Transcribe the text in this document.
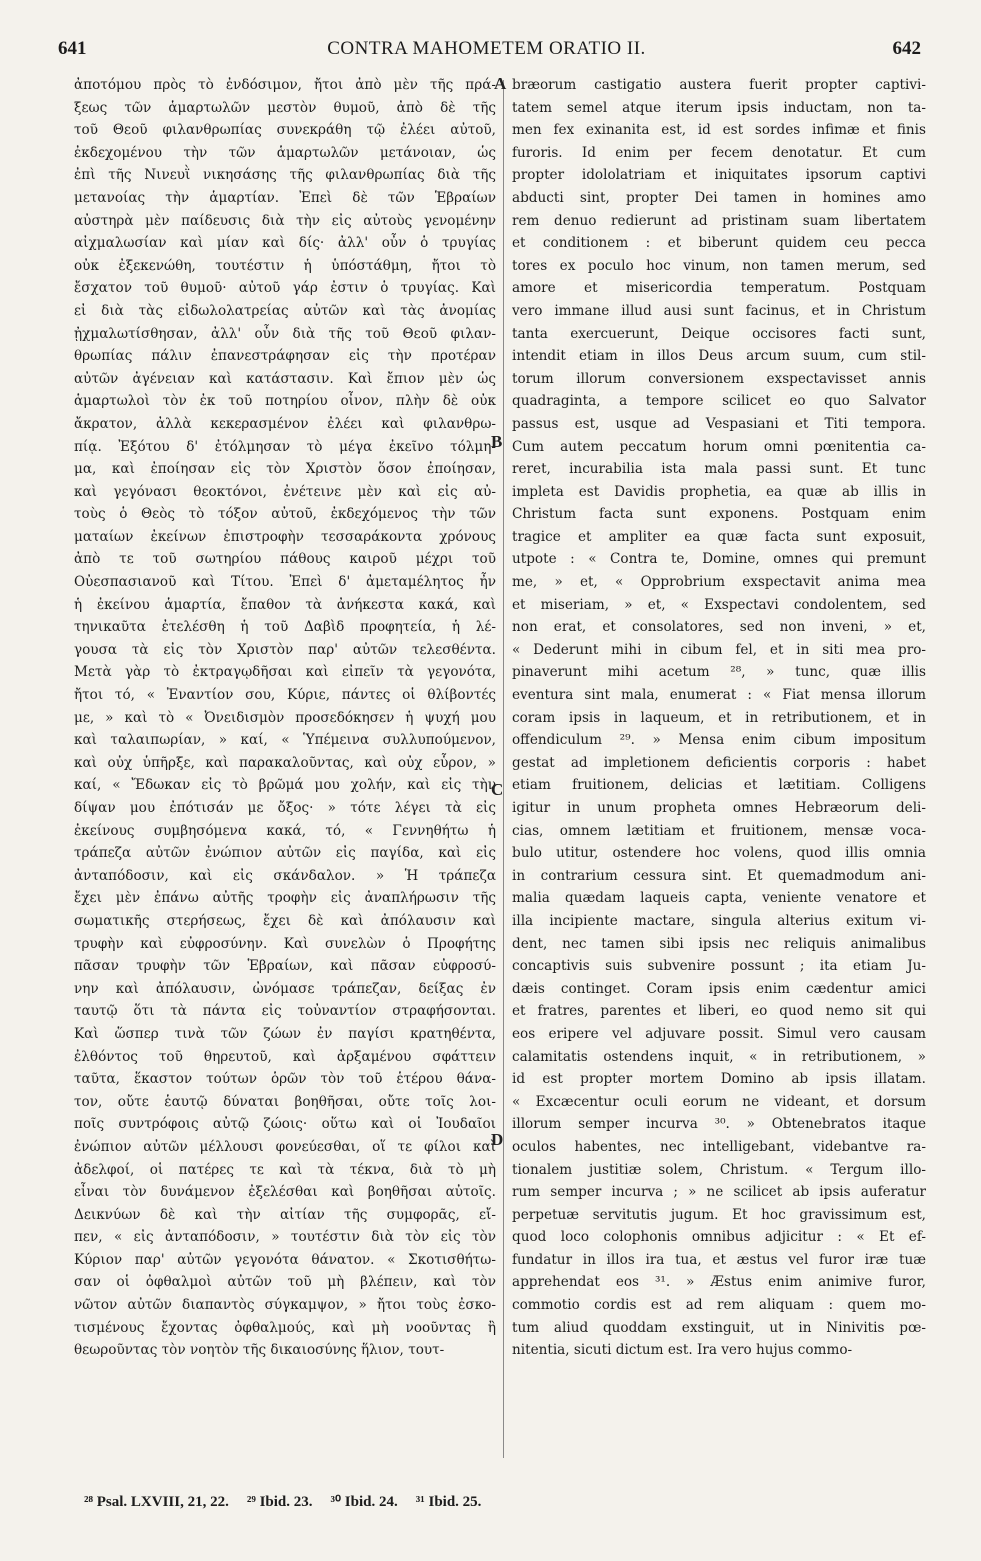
641	CONTRA MAHOMETEM ORATIO II.	642
ἀποτόμου πρὸς τὸ ἐνδόσιμον, ἤτοι ἀπὸ μὲν τῆς πρά-
ξεως τῶν ἁμαρτωλῶν μεστὸν θυμοῦ, ἀπὸ δὲ τῆς
τοῦ Θεοῦ φιλανθρωπίας συνεκράθη τῷ ἐλέει αὐτοῦ,
ἐκδεχομένου τὴν τῶν ἁμαρτωλῶν μετάνοιαν, ὡς
ἐπὶ τῆς Νινευῒ νικησάσης τῆς φιλανθρωπίας διὰ τῆς
μετανοίας τὴν ἁμαρτίαν. Ἐπεὶ δὲ τῶν Ἑβραίων
αὐστηρὰ μὲν παίδευσις διὰ τὴν εἰς αὐτοὺς γενομένην
αἰχμαλωσίαν καὶ μίαν καὶ δίς· ἀλλ' οὖν ὁ τρυγίας
οὐκ ἐξεκενώθη, τουτέστιν ἡ ὑπόστάθμη, ἤτοι τὸ
ἔσχατον τοῦ θυμοῦ· αὐτοῦ γάρ ἐστιν ὁ τρυγίας. Καὶ
εἰ διὰ τὰς εἰδωλολατρείας αὐτῶν καὶ τὰς ἀνομίας
ᾐχμαλωτίσθησαν, ἀλλ' οὖν διὰ τῆς τοῦ Θεοῦ φιλαν-
θρωπίας πάλιν ἐπανεστράφησαν εἰς τὴν προτέραν
αὐτῶν ἀγένειαν καὶ κατάστασιν. Καὶ ἔπιον μὲν ὡς
ἁμαρτωλοὶ τὸν ἐκ τοῦ ποτηρίου οἶνον, πλὴν δὲ οὐκ
ἄκρατον, ἀλλὰ κεκερασμένον ἐλέει καὶ φιλανθρω-
πίᾳ. Ἐξότου δ' ἐτόλμησαν τὸ μέγα ἐκεῖνο τόλμη-
μα, καὶ ἐποίησαν εἰς τὸν Χριστὸν ὅσον ἐποίησαν,
καὶ γεγόνασι θεοκτόνοι, ἐνέτεινε μὲν καὶ εἰς αὐ-
τοὺς ὁ Θεὸς τὸ τόξον αὐτοῦ, ἐκδεχόμενος τὴν τῶν
ματαίων ἐκείνων ἐπιστροφὴν τεσσαράκοντα χρόνους
ἀπὸ τε τοῦ σωτηρίου πάθους καιροῦ μέχρι τοῦ
Οὐεσπασιανοῦ καὶ Τίτου. Ἐπεὶ δ' ἀμεταμέλητος ἦν
ἡ ἐκείνου ἁμαρτία, ἔπαθον τὰ ἀνήκεστα κακά, καὶ
τηνικαῦτα ἐτελέσθη ἡ τοῦ Δαβὶδ προφητεία, ἡ λέ-
γουσα τὰ εἰς τὸν Χριστὸν παρ' αὐτῶν τελεσθέντα.
Μετὰ γὰρ τὸ ἐκτραγῳδῆσαι καὶ εἰπεῖν τὰ γεγονότα,
ἤτοι τό, « Ἐναντίον σου, Κύριε, πάντες οἱ θλίβοντές
με, » καὶ τὸ « Ὀνειδισμὸν προσεδόκησεν ἡ ψυχή μου
καὶ ταλαιπωρίαν, » καί, « Ὑπέμεινα συλλυπούμενον,
καὶ οὐχ ὑπῆρξε, καὶ παρακαλοῦντας, καὶ οὐχ εὗρον, »
καί, « Ἔδωκαν εἰς τὸ βρῶμά μου χολήν, καὶ εἰς τὴν
δίψαν μου ἐπότισάν με ὄξος· » τότε λέγει τὰ εἰς
ἐκείνους συμβησόμενα κακά, τό, « Γεννηθήτω ἡ
τράπεζα αὐτῶν ἐνώπιον αὐτῶν εἰς παγίδα, καὶ εἰς
ἀνταπόδοσιν, καὶ εἰς σκάνδαλον. » Ἡ τράπεζα
ἔχει μὲν ἐπάνω αὐτῆς τροφὴν εἰς ἀναπλήρωσιν τῆς
σωματικῆς στερήσεως, ἔχει δὲ καὶ ἀπόλαυσιν καὶ
τρυφὴν καὶ εὐφροσύνην. Καὶ συνελὼν ὁ Προφήτης
πᾶσαν τρυφὴν τῶν Ἑβραίων, καὶ πᾶσαν εὐφροσύ-
νην καὶ ἀπόλαυσιν, ὠνόμασε τράπεζαν, δείξας ἐν
ταυτῷ ὅτι τὰ πάντα εἰς τοὐναντίον στραφήσονται.
Καὶ ὥσπερ τινὰ τῶν ζώων ἐν παγίσι κρατηθέντα,
ἐλθόντος τοῦ θηρευτοῦ, καὶ ἀρξαμένου σφάττειν
ταῦτα, ἕκαστον τούτων ὁρῶν τὸν τοῦ ἑτέρου θάνα-
τον, οὔτε ἑαυτῷ δύναται βοηθῆσαι, οὔτε τοῖς λοι-
ποῖς συντρόφοις αὐτῷ ζώοις· οὕτω καὶ οἱ Ἰουδαῖοι
ἐνώπιον αὐτῶν μέλλουσι φονεύεσθαι, οἵ τε φίλοι καὶ
ἀδελφοί, οἱ πατέρες τε καὶ τὰ τέκνα, διὰ τὸ μὴ
εἶναι τὸν δυνάμενον ἐξελέσθαι καὶ βοηθῆσαι αὐτοῖς.
Δεικνύων δὲ καὶ τὴν αἰτίαν τῆς συμφορᾶς, εἴ-
πεν, « εἰς ἀνταπόδοσιν, » τουτέστιν διὰ τὸν εἰς τὸν
Κύριον παρ' αὐτῶν γεγονότα θάνατον. « Σκοτισθήτω-
σαν οἱ ὀφθαλμοὶ αὐτῶν τοῦ μὴ βλέπειν, καὶ τὸν
νῶτον αὐτῶν διαπαντὸς σύγκαμψον, » ἤτοι τοὺς ἐσκο-
τισμένους ἔχοντας ὀφθαλμούς, καὶ μὴ νοοῦντας ἢ
θεωροῦντας τὸν νοητὸν τῆς δικαιοσύνης ἥλιον, τουτ-
bræorum castigatio austera fuerit propter captivi-
tatem semel atque iterum ipsis inductam, non ta-
men fex exinanita est, id est sordes infimæ et finis
furoris. Id enim per fecem denotatur. Et cum
propter idololatriam et iniquitates ipsorum captivi
abducti sint, propter Dei tamen in homines amo
rem denuo redierunt ad pristinam suam libertatem
et conditionem : et biberunt quidem ceu pecca
tores ex poculo hoc vinum, non tamen merum, sed
amore et misericordia temperatum. Postquam
vero immane illud ausi sunt facinus, et in Christum
tanta exercuerunt, Deique occisores facti sunt,
intendit etiam in illos Deus arcum suum, cum stil-
torum illorum conversionem exspectavisset annis
quadraginta, a tempore scilicet eo quo Salvator
passus est, usque ad Vespasiani et Titi tempora.
Cum autem peccatum horum omni pœnitentia ca-
reret, incurabilia ista mala passi sunt. Et tunc
impleta est Davidis prophetia, ea quæ ab illis in
Christum facta sunt exponens. Postquam enim
tragice et ampliter ea quæ facta sunt exposuit,
utpote : « Contra te, Domine, omnes qui premunt
me, » et, « Opprobrium exspectavit anima mea
et miseriam, » et, « Exspectavi condolentem, sed
non erat, et consolatores, sed non inveni, » et,
« Dederunt mihi in cibum fel, et in siti mea pro-
pinaverunt mihi acetum ²⁸, » tunc, quæ illis
eventura sint mala, enumerat : « Fiat mensa illorum
coram ipsis in laqueum, et in retributionem, et in
offendiculum ²⁹. » Mensa enim cibum impositum
gestat ad impletionem deficientis corporis : habet
etiam fruitionem, delicias et lætitiam. Colligens
igitur in unum propheta omnes Hebræorum deli-
cias, omnem lætitiam et fruitionem, mensæ voca-
bulo utitur, ostendere hoc volens, quod illis omnia
in contrarium cessura sint. Et quemadmodum ani-
malia quædam laqueis capta, veniente venatore et
illa incipiente mactare, singula alterius exitum vi-
dent, nec tamen sibi ipsis nec reliquis animalibus
concaptivis suis subvenire possunt ; ita etiam Ju-
dæis continget. Coram ipsis enim cædentur amici
et fratres, parentes et liberi, eo quod nemo sit qui
eos eripere vel adjuvare possit. Simul vero causam
calamitatis ostendens inquit, « in retributionem, »
id est propter mortem Domino ab ipsis illatam.
« Excæcentur oculi eorum ne videant, et dorsum
illorum semper incurva ³⁰. » Obtenebratos itaque
oculos habentes, nec intelligebant, videbantve ra-
tionalem justitiæ solem, Christum. « Tergum illo-
rum semper incurva ; » ne scilicet ab ipsis auferatur
perpetuæ servitutis jugum. Et hoc gravissimum est,
quod loco colophonis omnibus adjicitur : « Et ef-
fundatur in illos ira tua, et æstus vel furor iræ tuæ
apprehendat eos ³¹. » Æstus enim animive furor,
commotio cordis est ad rem aliquam : quem mo-
tum aliud quoddam exstinguit, ut in Ninivitis pœ-
nitentia, sicuti dictum est. Ira vero hujus commo-
A
B
C
D
²⁸ Psal. LXVIII, 21, 22. ²⁹ Ibid. 23. ³⁰ Ibid. 24. ³¹ Ibid. 25.
